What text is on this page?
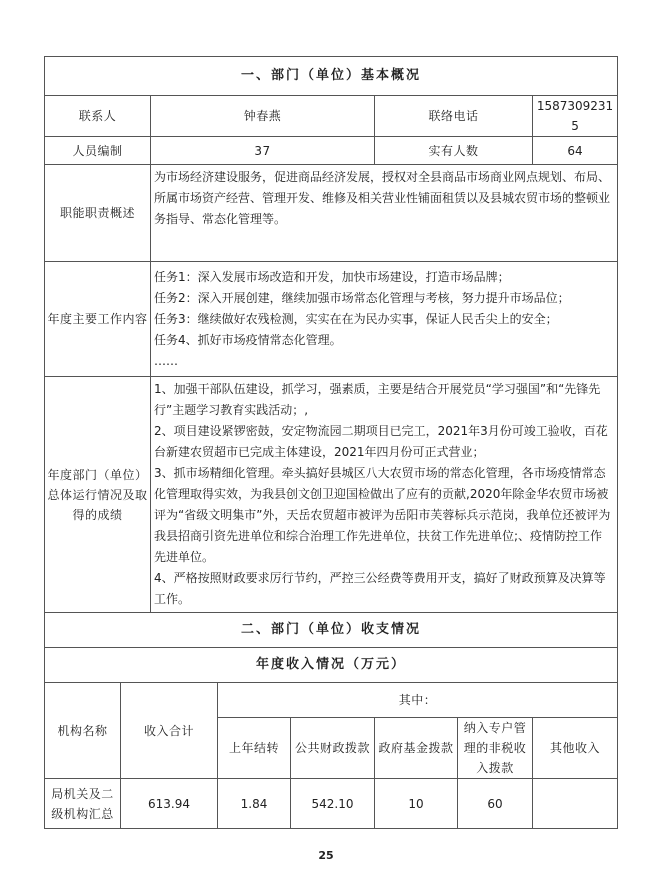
一、部门（单位）基本概况							
联系人		钟春燕			联络电话		15873092315
人员编制		37			实有人数		64
职能职责概述		为市场经济建设服务，促进商品经济发展，授权对全县商品市场商业网点规划、布局、所属市场资产经营、管理开发、维修及相关营业性铺面租赁以及县城农贸市场的整顿业务指导、常态化管理等。					
年度主要工作内容		任务1：深入发展市场改造和开发，加快市场建设，打造市场品牌；

任务2：深入开展创建，继续加强市场常态化管理与考核，努力提升市场品位；

任务3：继续做好农残检测，实实在在为民办实事，保证人民舌尖上的安全；

任务4、抓好市场疫情常态化管理。

……					

年度部门（单位）总体运行情况及取得的成绩		1、加强干部队伍建设，抓学习，强素质，主要是结合开展党员“学习强国”和“先锋先行”主题学习教育实践活动；,

2、项目建设紧锣密鼓，安定物流园二期项目已完工，2021年3月份可竣工验收，百花台新建农贸超市已完成主体建设，2021年四月份可正式营业；

3、抓市场精细化管理。牵头搞好县城区八大农贸市场的常态化管理，各市场疫情常态化管理取得实效，为我县创文创卫迎国检做出了应有的贡献,2020年除金华农贸市场被评为“省级文明集市”外，天岳农贸超市被评为岳阳市芙蓉标兵示范岗，我单位还被评为我县招商引资先进单位和综合治理工作先进单位，扶贫工作先进单位;、疫情防控工作先进单位。

4、严格按照财政要求厉行节约，严控三公经费等费用开支，搞好了财政预算及决算等工作。					

二、部门（单位）收支情况							
年度收入情况（万元）							
机构名称	收入合计		其中：				
			上年结转	公共财政拨款	政府基金拨款	纳入专户管理的非税收入拨款	其他收入
局机关及二级机构汇总	613.94		1.84	542.10	10	60	
25
